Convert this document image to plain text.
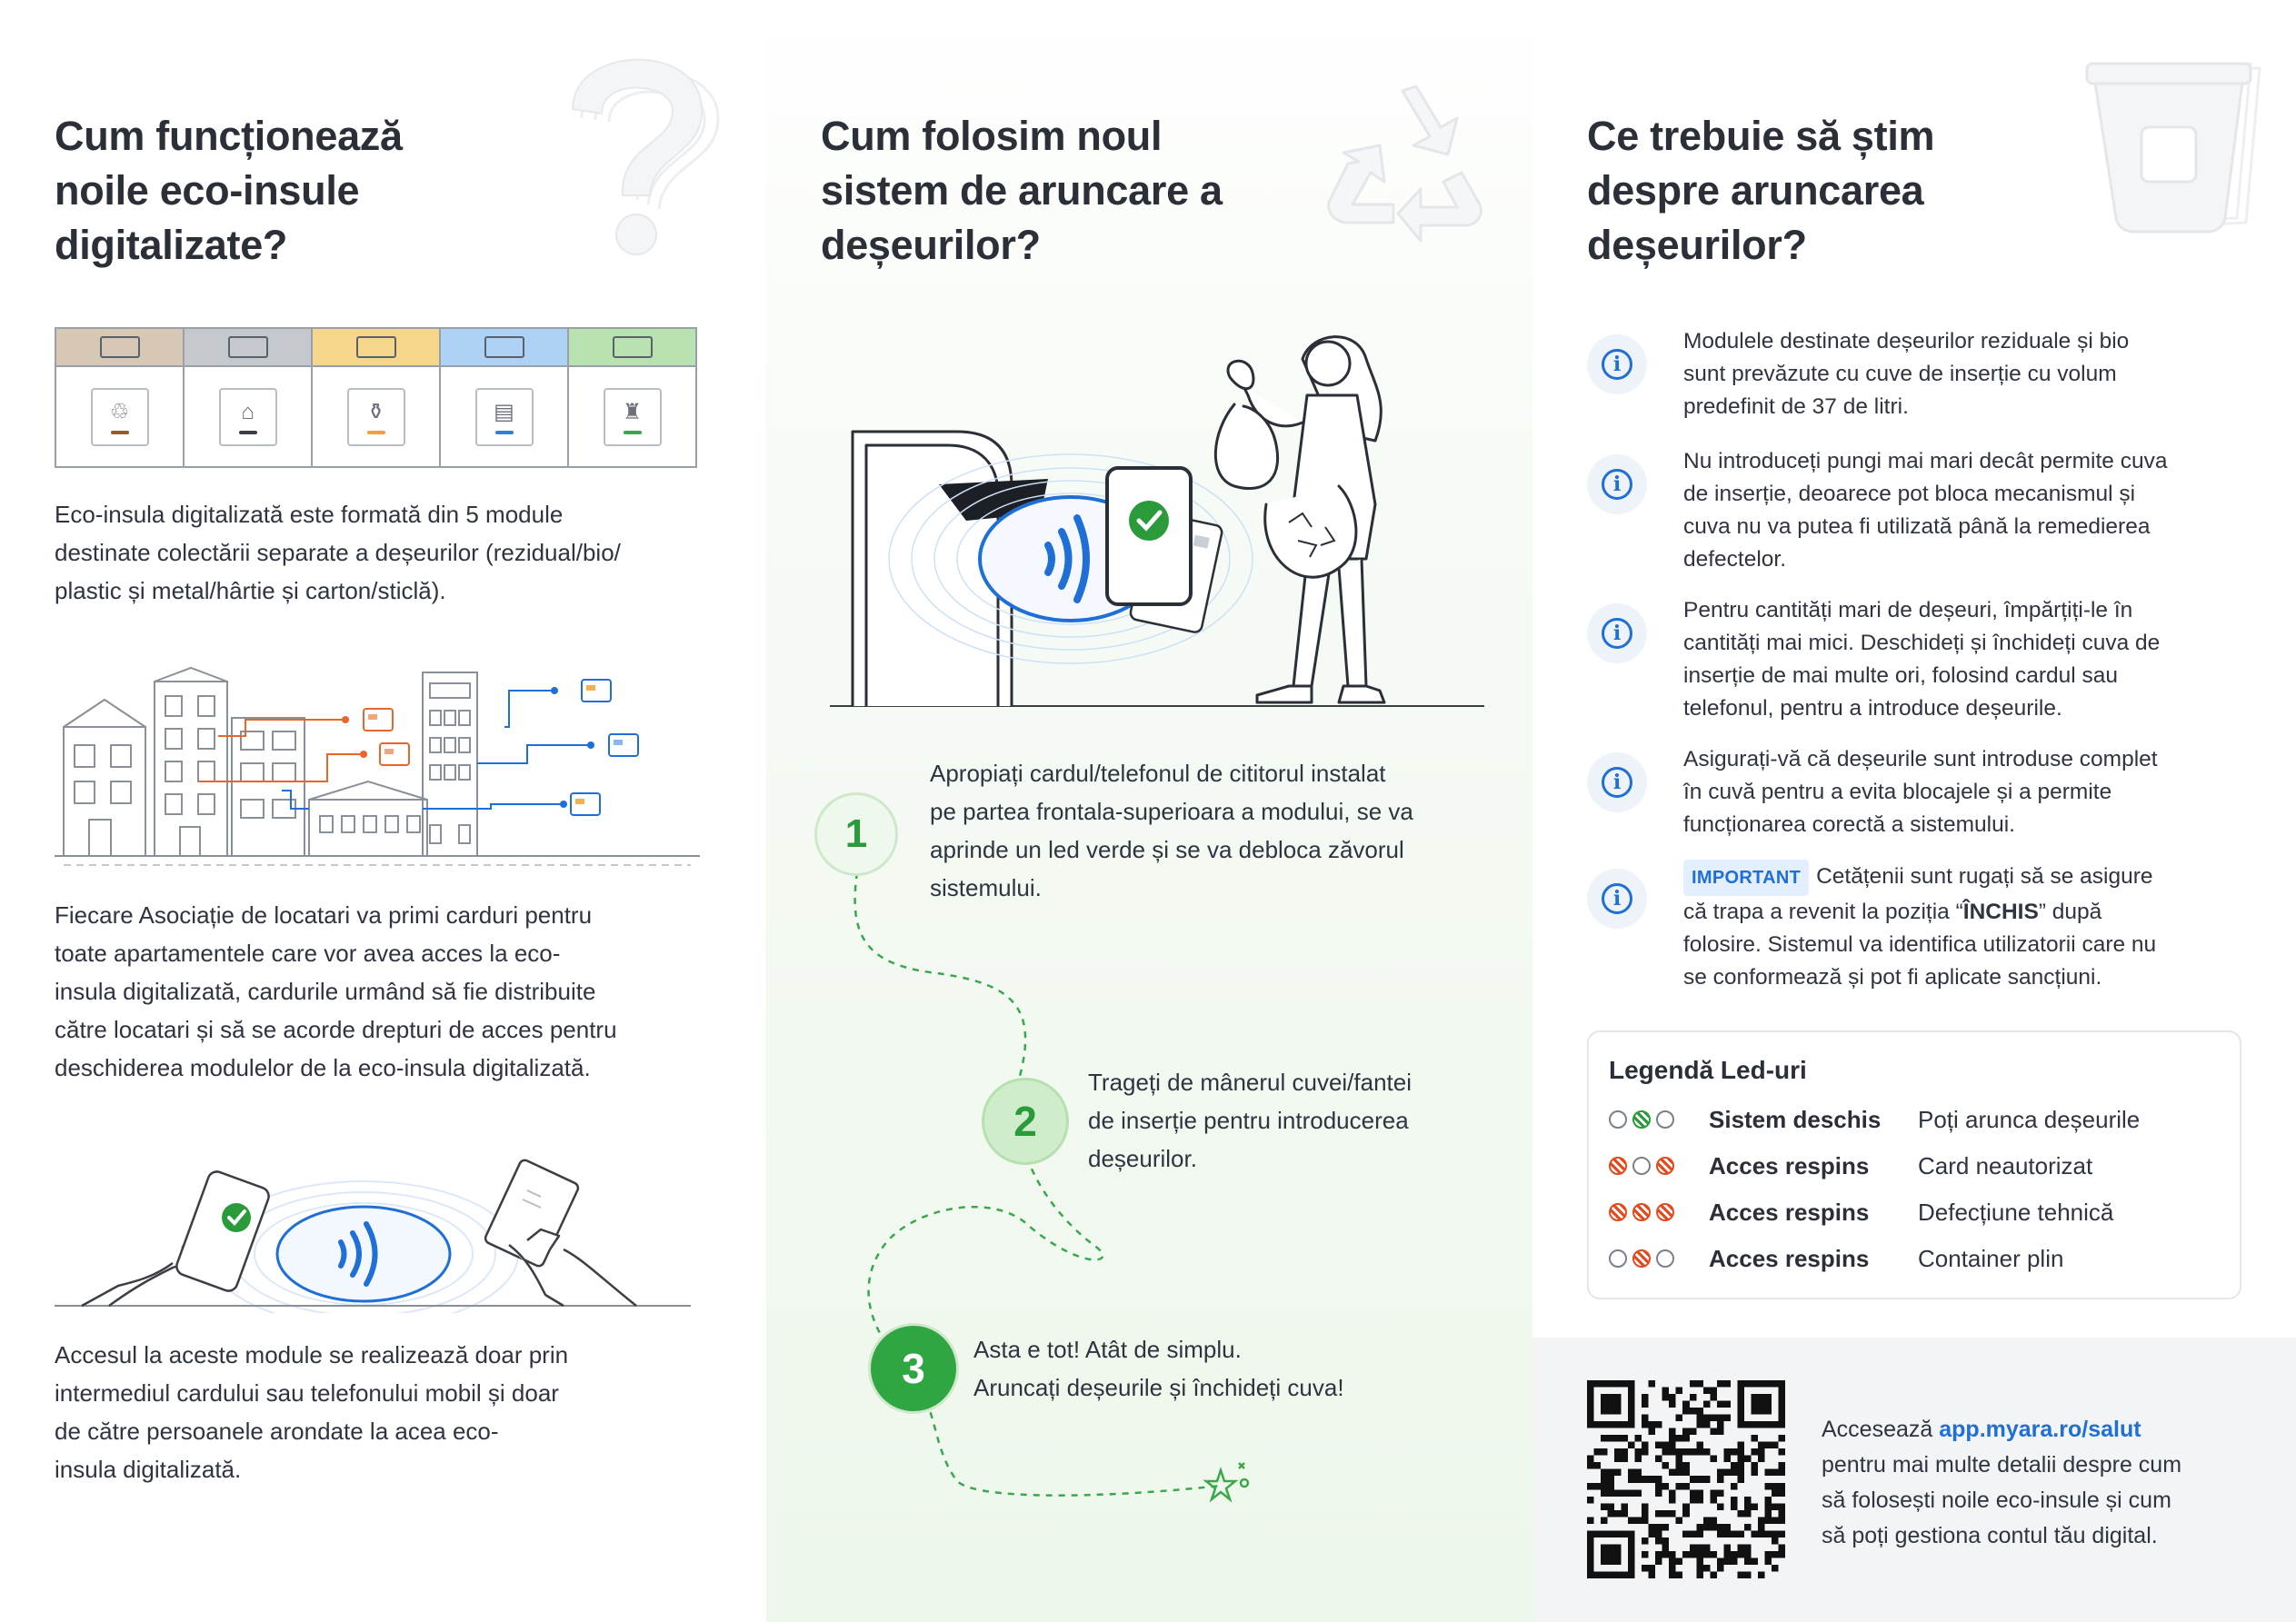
Cum funcționează
noile eco-insule
digitalizate?
♲	⌂	⚱	▤	♜

Eco-insula digitalizată este formată din 5 module
destinate colectării separate a deșeurilor (rezidual/bio/
plastic și metal/hârtie și carton/sticlă).

Fiecare Asociație de locatari va primi carduri pentru
toate apartamentele care vor avea acces la eco-
insula digitalizată, cardurile urmând să fie distribuite
către locatari și să se acorde drepturi de acces pentru
deschiderea modulelor de la eco-insula digitalizată.

Accesul la aceste module se realizează doar prin
intermediul cardului sau telefonului mobil și doar
de către persoanele arondate la acea eco-
insula digitalizată.

Cum folosim noul
sistem de aruncare a
deșeurilor?
1

Apropiați cardul/telefonul de cititorul instalat
pe partea frontala-superioara a modului, se va
aprinde un led verde și se va debloca zăvorul
sistemului.

2

Trageți de mânerul cuvei/fantei
de inserție pentru introducerea
deșeurilor.

3 Asta e tot! Atât de simplu.
Aruncați deșeurile și închideți cuva!

Ce trebuie să știm
despre aruncarea
deșeurilor?
i

Modulele destinate deșeurilor reziduale și bio
sunt prevăzute cu cuve de inserție cu volum
predefinit de 37 de litri.

i

Nu introduceți pungi mai mari decât permite cuva
de inserție, deoarece pot bloca mecanismul și
cuva nu va putea fi utilizată până la remedierea
defectelor.

i

Pentru cantități mari de deșeuri, împărțiți-le în
cantități mai mici. Deschideți și închideți cuva de
inserție de mai multe ori, folosind cardul sau
telefonul, pentru a introduce deșeurile.

i

Asigurați-vă că deșeurile sunt introduse complet
în cuvă pentru a evita blocajele și a permite
funcționarea corectă a sistemului.

i

IMPORTANT Cetățenii sunt rugați să se asigure
că trapa a revenit la poziția “ÎNCHIS” după
folosire. Sistemul va identifica utilizatorii care nu
se conformează și pot fi aplicate sancțiuni.

Legendă Led-uri

Sistem deschis	Poți arunca deșeurile
Acces respins	Card neautorizat
Acces respins	Defecțiune tehnică
Acces respins	Container plin

Accesează app.myara.ro/salut
pentru mai multe detalii despre cum
să folosești noile eco-insule și cum
să poți gestiona contul tău digital.
